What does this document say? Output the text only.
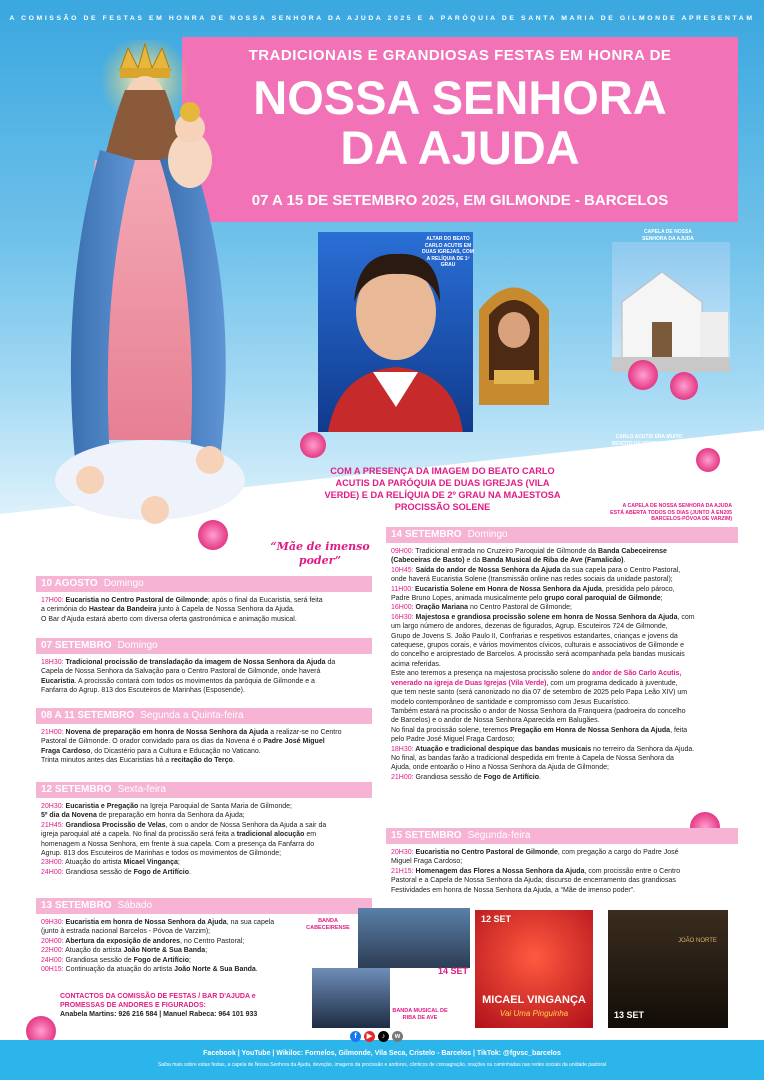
A COMISSÃO DE FESTAS EM HONRA DE NOSSA SENHORA DA AJUDA 2025 E A PARÓQUIA DE SANTA MARIA DE GILMONDE APRESENTAM
TRADICIONAIS E GRANDIOSAS FESTAS EM HONRA DE
NOSSA SENHORA
DA AJUDA
07 A 15 DE SETEMBRO 2025, EM GILMONDE - BARCELOS
ALTAR DO BEATO CARLO ACUTIS EM DUAS IGREJAS, COM A RELÍQUIA DE 1º GRAU
CAPELA DE NOSSA SENHORA DA AJUDA
CARLO ACUTIS ERA MUITO DEVOTO DE NOSSA SENHORA
COM A PRESENÇA DA IMAGEM DO BEATO CARLO ACUTIS DA PARÓQUIA DE DUAS IGREJAS (VILA VERDE) E DA RELÍQUIA DE 2º GRAU NA MAJESTOSA PROCISSÃO SOLENE	A CAPELA DE NOSSA SENHORA DA AJUDA ESTÁ ABERTA TODOS OS DIAS (JUNTO À EN205 BARCELOS-PÓVOA DE VARZIM)
“Mãe de imenso poder”
10 AGOSTO Domingo
17H00: Eucaristia no Centro Pastoral de Gilmonde; após o final da Eucaristia, será feita
a cerimónia do Hastear da Bandeira junto à Capela de Nossa Senhora da Ajuda.
O Bar d'Ajuda estará aberto com diversa oferta gastronómica e animação musical.
07 SETEMBRO Domingo
18H30: Tradicional procissão de transladação da imagem de Nossa Senhora da Ajuda da
Capela de Nossa Senhora da Salvação para o Centro Pastoral de Gilmonde, onde haverá
Eucaristia. A procissão contará com todos os movimentos da paróquia de Gilmonde e a
Fanfarra do Agrup. 813 dos Escuteiros de Marinhas (Esposende).
08 A 11 SETEMBRO Segunda a Quinta-feira
21H00: Novena de preparação em honra de Nossa Senhora da Ajuda a realizar-se no Centro
Pastoral de Gilmonde. O orador convidado para os dias da Novena é o Padre José Miguel
Fraga Cardoso, do Dicastério para a Cultura e Educação no Vaticano.
Trinta minutos antes das Eucaristias há a recitação do Terço.
12 SETEMBRO Sexta-feira
20H30: Eucaristia e Pregação na Igreja Paroquial de Santa Maria de Gilmonde;
5º dia da Novena de preparação em honra da Senhora da Ajuda;
21H45: Grandiosa Procissão de Velas, com o andor de Nossa Senhora da Ajuda a sair da
igreja paroquial até a capela. No final da procissão será feita a tradicional alocução em
homenagem a Nossa Senhora, em frente à sua capela. Com a presença da Fanfarra do
Agrup. 813 dos Escuteiros de Marinhas e todos os movimentos de Gilmonde;
23H00: Atuação do artista Micael Vingança;
24H00: Grandiosa sessão de Fogo de Artifício.
13 SETEMBRO Sábado
09H30: Eucaristia em honra de Nossa Senhora da Ajuda, na sua capela
(junto à estrada nacional Barcelos - Póvoa de Varzim);
20H00: Abertura da exposição de andores, no Centro Pastoral;
22H00: Atuação do artista João Norte & Sua Banda;
24H00: Grandiosa sessão de Fogo de Artifício;
00H15: Continuação da atuação do artista João Norte & Sua Banda.
14 SETEMBRO Domingo
09H00: Tradicional entrada no Cruzeiro Paroquial de Gilmonde da Banda Cabeceirense
(Cabeceiras de Basto) e da Banda Musical de Riba de Ave (Famalicão).
10H45: Saída do andor de Nossa Senhora da Ajuda da sua capela para o Centro Pastoral,
onde haverá Eucaristia Solene (transmissão online nas redes sociais da unidade pastoral);
11H00: Eucaristia Solene em Honra de Nossa Senhora da Ajuda, presidida pelo pároco,
Padre Bruno Lopes, animada musicalmente pelo grupo coral paroquial de Gilmonde;
16H00: Oração Mariana no Centro Pastoral de Gilmonde;
16H30: Majestosa e grandiosa procissão solene em honra de Nossa Senhora da Ajuda, com
um largo número de andores, dezenas de figurados, Agrup. Escuteiros 724 de Gilmonde,
Grupo de Jovens S. João Paulo II, Confrarias e respetivos estandartes, crianças e jovens da
catequese, grupos corais, e vários movimentos cívicos, culturais e associativos de Gilmonde e
do concelho e arciprestado de Barcelos. A procissão será acompanhada pela bandas musicais
acima referidas.
Este ano teremos a presença na majestosa procissão solene do andor de São Carlo Acutis,
venerado na igreja de Duas Igrejas (Vila Verde), com um programa dedicado à juventude,
que tem neste santo (será canonizado no dia 07 de setembro de 2025 pelo Papa Leão XIV) um
modelo contemporâneo de santidade e compromisso com Jesus Eucarístico.
Também estará na procissão o andor de Nossa Senhora da Franqueira (padroeira do concelho
de Barcelos) e o andor de Nossa Senhora Aparecida em Balugães.
No final da procissão solene, teremos Pregação em Honra de Nossa Senhora da Ajuda, feita
pelo Padre José Miguel Fraga Cardoso;
18H30: Atuação e tradicional despique das bandas musicais no terreiro da Senhora da Ajuda.
No final, as bandas farão a tradicional despedida em frente à Capela de Nossa Senhora da
Ajuda, onde entoarão o Hino a Nossa Senhora da Ajuda de Gilmonde;
21H00: Grandiosa sessão de Fogo de Artifício.
15 SETEMBRO Segunda-feira
20H30: Eucaristia no Centro Pastoral de Gilmonde, com pregação a cargo do Padre José
Miguel Fraga Cardoso;
21H15: Homenagem das Flores a Nossa Senhora da Ajuda, com procissão entre o Centro
Pastoral e a Capela de Nossa Senhora da Ajuda; discurso de encerramento das grandiosas
Festividades em honra de Nossa Senhora da Ajuda, a “Mãe de imenso poder”.
BANDA CABECEIRENSE
14 SET
BANDA MUSICAL DE RIBA DE AVE
12 SET
MICAEL VINGANÇA
Vai Uma Pinguinha
JOÃO NORTE
13 SET
CONTACTOS DA COMISSÃO DE FESTAS / BAR D'AJUDA e
PROMESSAS DE ANDORES E FIGURADOS:
Anabela Martins: 926 216 584 | Manuel Rabeca: 964 101 933
Facebook | YouTube | Wikiloc: Fornelos, Gilmonde, Vila Seca, Cristelo - Barcelos | TikTok: @fgvsc_barcelos
Saiba mais sobre estas festas, a capela de Nossa Senhora da Ajuda, devoção, imagens da procissão e andores, cânticos de consagração, orações ou caminhadas nas redes sociais da unidade pastoral
f	▶	♪	w
